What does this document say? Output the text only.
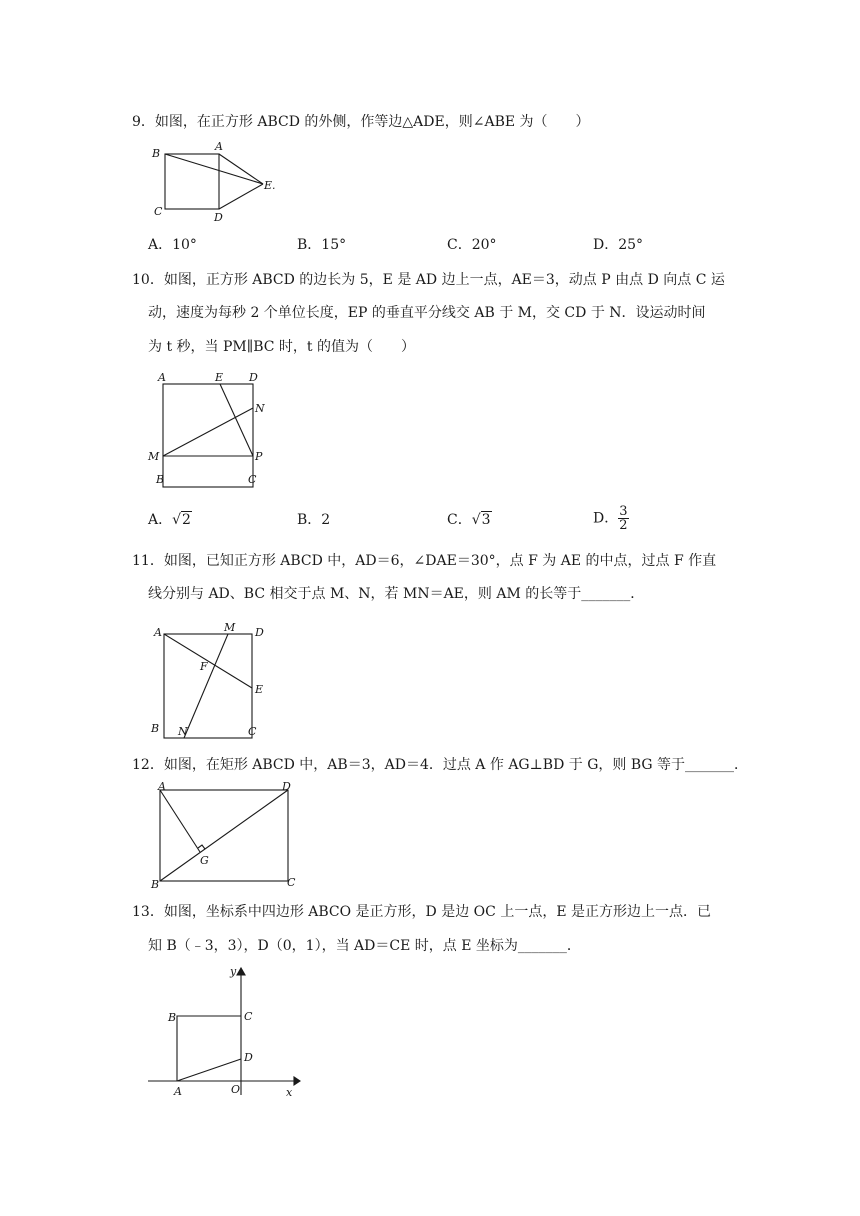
9．如图，在正方形 ABCD 的外侧，作等边△ADE，则∠ABE 为（　　）
B
A
E.
C	D
A．10°	B．15°	C．20°	D．25°
10．如图，正方形 ABCD 的边长为 5，E 是 AD 边上一点，AE＝3，动点 P 由点 D 向点 C 运
动，速度为每秒 2 个单位长度，EP 的垂直平分线交 AB 于 M，交 CD 于 N．设运动时间
为 t 秒，当 PM∥BC 时，t 的值为（　　）
A	E D
N
M	P
B	C
A．√2	B．2	C．√3	D． $\frac{3}{2}$
11．如图，已知正方形 ABCD 中，AD＝6，∠DAE＝30°，点 F 为 AE 的中点，过点 F 作直
线分别与 AD、BC 相交于点 M、N，若 MN＝AE，则 AM 的长等于_______．
A	M D
F
E
B N	C
12．如图，在矩形 ABCD 中，AB＝3，AD＝4．过点 A 作 AG⊥BD 于 G，则 BG 等于_______．
A	D
G
B	C
13．如图，坐标系中四边形 ABCO 是正方形，D 是边 OC 上一点，E 是正方形边上一点．已
知 B（﹣3，3），D（0，1），当 AD＝CE 时，点 E 坐标为_______．
y
B	C
D
A	O	x
